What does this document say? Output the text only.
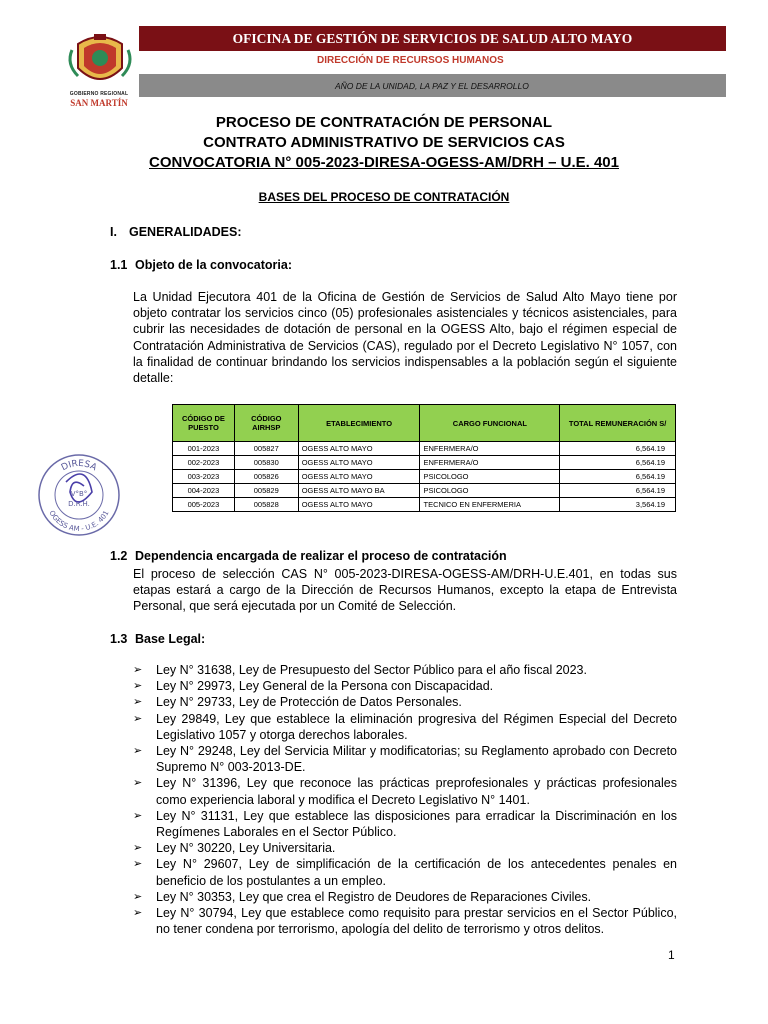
GOBIERNO REGIONAL
SAN MARTÍN
OFICINA DE GESTIÓN DE SERVICIOS DE SALUD ALTO MAYO
DIRECCIÓN DE RECURSOS HUMANOS
AÑO DE LA UNIDAD, LA PAZ Y EL DESARROLLO
PROCESO DE CONTRATACIÓN DE PERSONAL
CONTRATO ADMINISTRATIVO DE SERVICIOS CAS
CONVOCATORIA N° 005-2023-DIRESA-OGESS-AM/DRH – U.E. 401
BASES DEL PROCESO DE CONTRATACIÓN
I. GENERALIDADES:
1.1 Objeto de la convocatoria:
La Unidad Ejecutora 401 de la Oficina de Gestión de Servicios de Salud Alto Mayo tiene por objeto contratar los servicios cinco (05) profesionales asistenciales y técnicos asistenciales, para cubrir las necesidades de dotación de personal en la OGESS Alto, bajo el régimen especial de Contratación Administrativa de Servicios (CAS), regulado por el Decreto Legislativo N° 1057, con la finalidad de continuar brindando los servicios indispensables a la población según el siguiente detalle:
CÓDIGO DE PUESTO	CÓDIGO AIRHSP	ETABLECIMIENTO	CARGO FUNCIONAL	TOTAL REMUNERACIÓN S/
001-2023	005827	OGESS ALTO MAYO	ENFERMERA/O	6,564.19
002-2023	005830	OGESS ALTO MAYO	ENFERMERA/O	6,564.19
003-2023	005826	OGESS ALTO MAYO	PSICOLOGO	6,564.19
004-2023	005829	OGESS ALTO MAYO BA	PSICOLOGO	6,564.19
005-2023	005828	OGESS ALTO MAYO	TECNICO EN ENFERMERIA	3,564.19
DIRESA
V°B°
D.R.H.
OGESS AM - U.E. 401
1.2 Dependencia encargada de realizar el proceso de contratación
El proceso de selección CAS N° 005-2023-DIRESA-OGESS-AM/DRH-U.E.401, en todas sus etapas estará a cargo de la Dirección de Recursos Humanos, excepto la etapa de Entrevista Personal, que será ejecutada por un Comité de Selección.
1.3 Base Legal:
➢ Ley N° 31638, Ley de Presupuesto del Sector Público para el año fiscal 2023.
➢ Ley N° 29973, Ley General de la Persona con Discapacidad.
➢ Ley N° 29733, Ley de Protección de Datos Personales.
➢ Ley 29849, Ley que establece la eliminación progresiva del Régimen Especial del Decreto Legislativo 1057 y otorga derechos laborales.
➢ Ley N° 29248, Ley del Servicia Militar y modificatorias; su Reglamento aprobado con Decreto Supremo N° 003-2013-DE.
➢ Ley N° 31396, Ley que reconoce las prácticas preprofesionales y prácticas profesionales como experiencia laboral y modifica el Decreto Legislativo N° 1401.
➢ Ley N° 31131, Ley que establece las disposiciones para erradicar la Discriminación en los Regímenes Laborales en el Sector Público.
➢ Ley N° 30220, Ley Universitaria.
➢ Ley N° 29607, Ley de simplificación de la certificación de los antecedentes penales en beneficio de los postulantes a un empleo.
➢ Ley N° 30353, Ley que crea el Registro de Deudores de Reparaciones Civiles.
➢ Ley N° 30794, Ley que establece como requisito para prestar servicios en el Sector Público, no tener condena por terrorismo, apología del delito de terrorismo y otros delitos.
1
